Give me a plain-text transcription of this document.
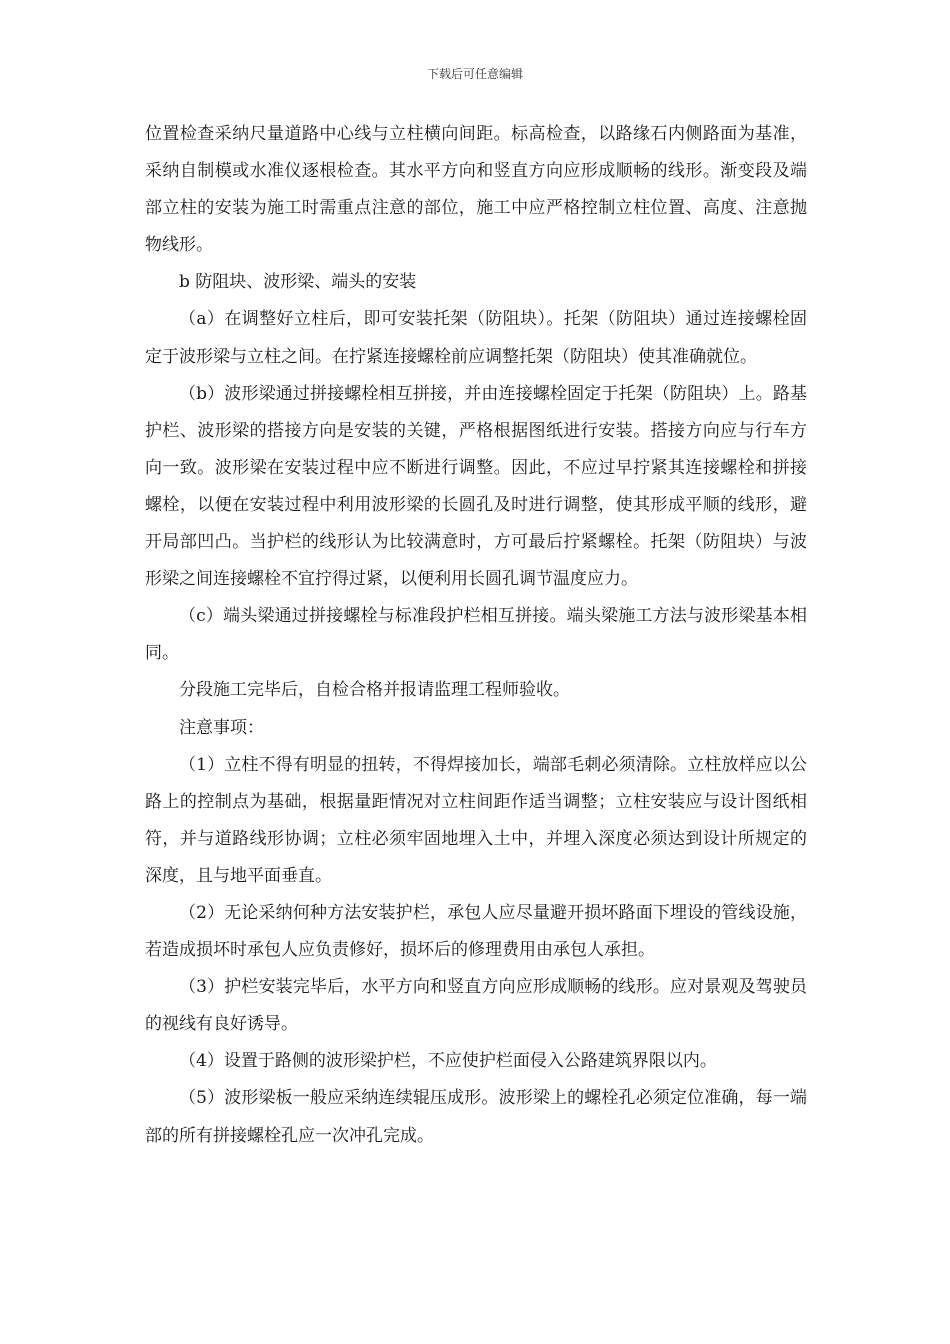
下载后可任意编辑

位置检查采纳尺量道路中心线与立柱横向间距。标高检查，以路缘石内侧路面为基准，采纳自制模或水准仪逐根检查。其水平方向和竖直方向应形成顺畅的线形。渐变段及端部立柱的安装为施工时需重点注意的部位，施工中应严格控制立柱位置、高度、注意抛物线形。

b 防阻块、波形梁、端头的安装

（a）在调整好立柱后，即可安装托架（防阻块）。托架（防阻块）通过连接螺栓固定于波形梁与立柱之间。在拧紧连接螺栓前应调整托架（防阻块）使其准确就位。

（b）波形梁通过拼接螺栓相互拼接，并由连接螺栓固定于托架（防阻块）上。路基护栏、波形梁的搭接方向是安装的关键，严格根据图纸进行安装。搭接方向应与行车方向一致。波形梁在安装过程中应不断进行调整。因此，不应过早拧紧其连接螺栓和拼接螺栓，以便在安装过程中利用波形梁的长圆孔及时进行调整，使其形成平顺的线形，避开局部凹凸。当护栏的线形认为比较满意时，方可最后拧紧螺栓。托架（防阻块）与波形梁之间连接螺栓不宜拧得过紧，以便利用长圆孔调节温度应力。

（c）端头梁通过拼接螺栓与标准段护栏相互拼接。端头梁施工方法与波形梁基本相同。

分段施工完毕后，自检合格并报请监理工程师验收。

注意事项：

（1）立柱不得有明显的扭转，不得焊接加长，端部毛刺必须清除。立柱放样应以公路上的控制点为基础，根据量距情况对立柱间距作适当调整；立柱安装应与设计图纸相符，并与道路线形协调；立柱必须牢固地埋入土中，并埋入深度必须达到设计所规定的深度，且与地平面垂直。

（2）无论采纳何种方法安装护栏，承包人应尽量避开损坏路面下埋设的管线设施，若造成损坏时承包人应负责修好，损坏后的修理费用由承包人承担。

（3）护栏安装完毕后，水平方向和竖直方向应形成顺畅的线形。应对景观及驾驶员的视线有良好诱导。

（4）设置于路侧的波形梁护栏，不应使护栏面侵入公路建筑界限以内。

（5）波形梁板一般应采纳连续辊压成形。波形梁上的螺栓孔必须定位准确，每一端部的所有拼接螺栓孔应一次冲孔完成。
